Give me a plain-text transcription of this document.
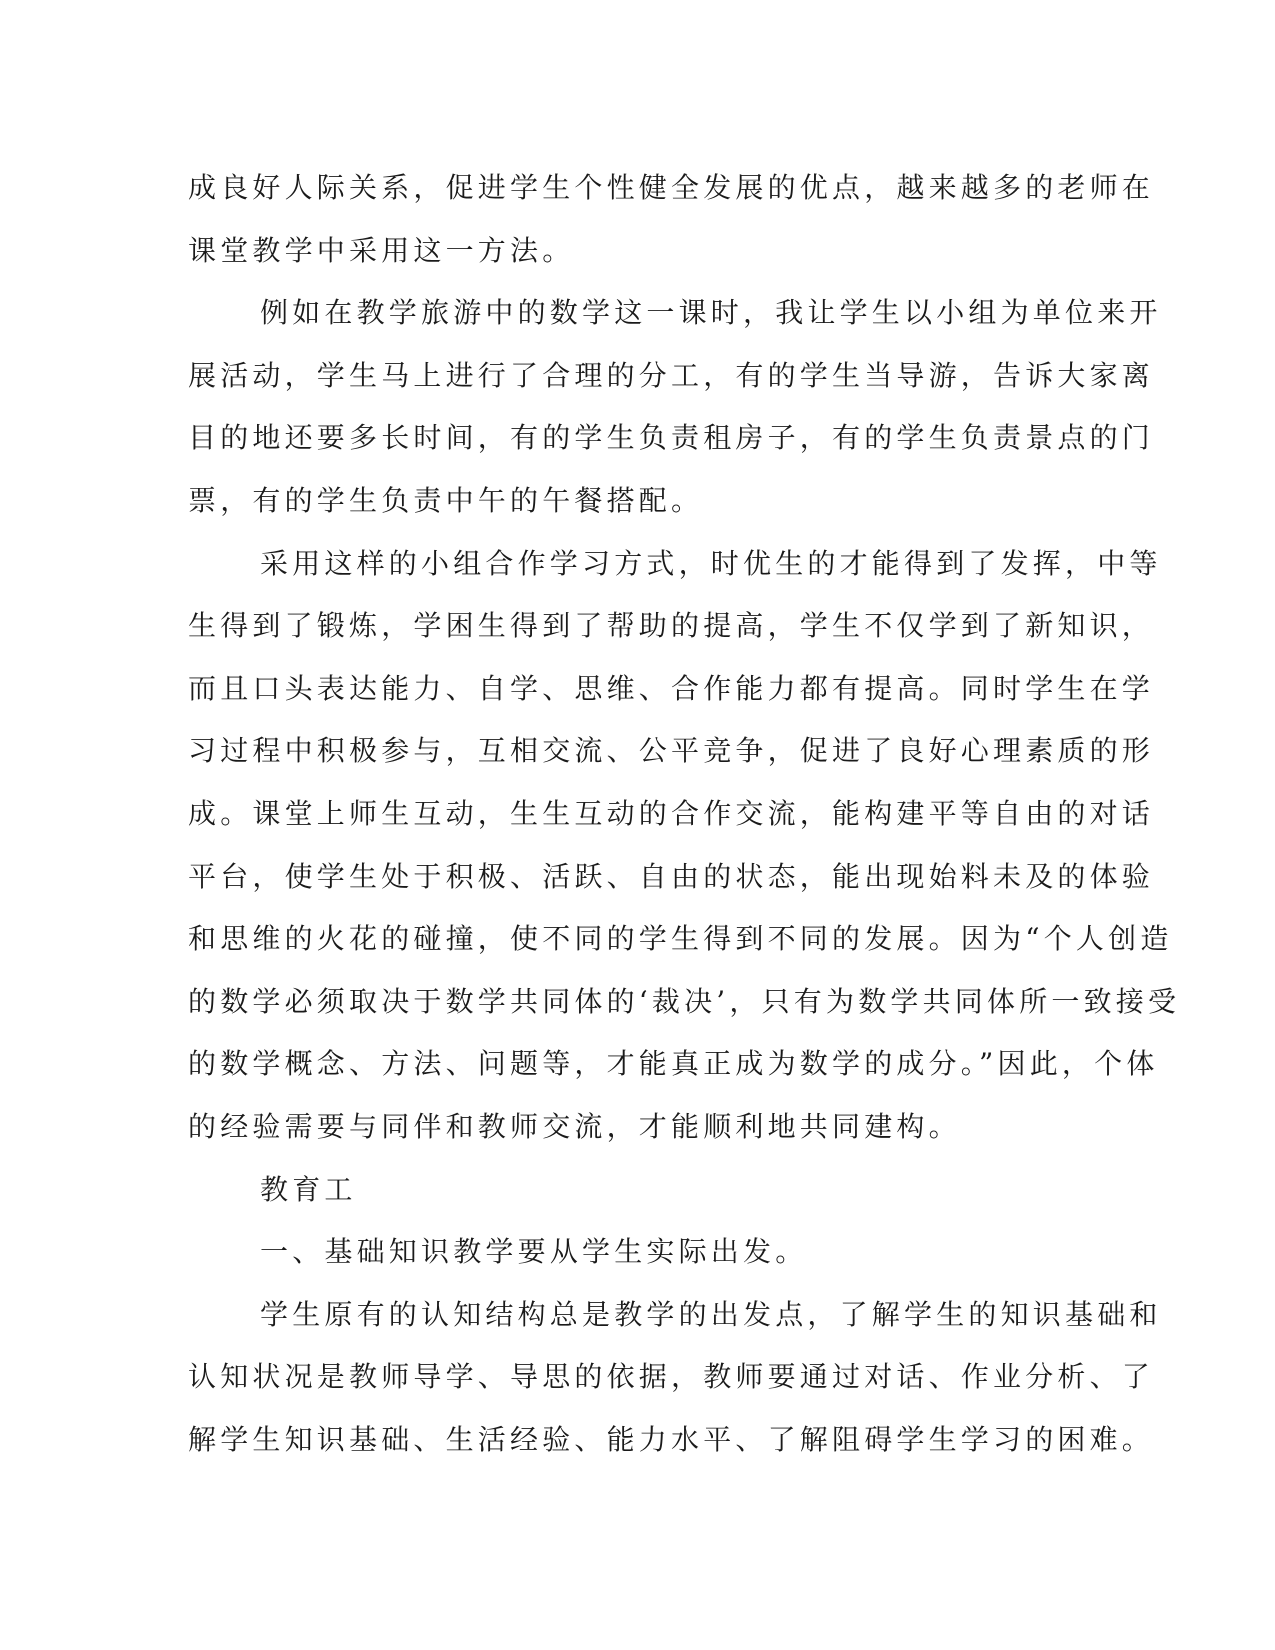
成良好人际关系，促进学生个性健全发展的优点，越来越多的老师在
课堂教学中采用这一方法。
例如在教学旅游中的数学这一课时，我让学生以小组为单位来开
展活动，学生马上进行了合理的分工，有的学生当导游，告诉大家离
目的地还要多长时间，有的学生负责租房子，有的学生负责景点的门
票，有的学生负责中午的午餐搭配。
采用这样的小组合作学习方式，时优生的才能得到了发挥，中等
生得到了锻炼，学困生得到了帮助的提高，学生不仅学到了新知识，
而且口头表达能力、自学、思维、合作能力都有提高。同时学生在学
习过程中积极参与，互相交流、公平竞争，促进了良好心理素质的形
成。课堂上师生互动，生生互动的合作交流，能构建平等自由的对话
平台，使学生处于积极、活跃、自由的状态，能出现始料未及的体验
和思维的火花的碰撞，使不同的学生得到不同的发展。因为“个人创造
的数学必须取决于数学共同体的‘裁决’，只有为数学共同体所一致接受
的数学概念、方法、问题等，才能真正成为数学的成分。”因此，个体
的经验需要与同伴和教师交流，才能顺利地共同建构。
教育工
一、基础知识教学要从学生实际出发。
学生原有的认知结构总是教学的出发点，了解学生的知识基础和
认知状况是教师导学、导思的依据，教师要通过对话、作业分析、了
解学生知识基础、生活经验、能力水平、了解阻碍学生学习的困难。
